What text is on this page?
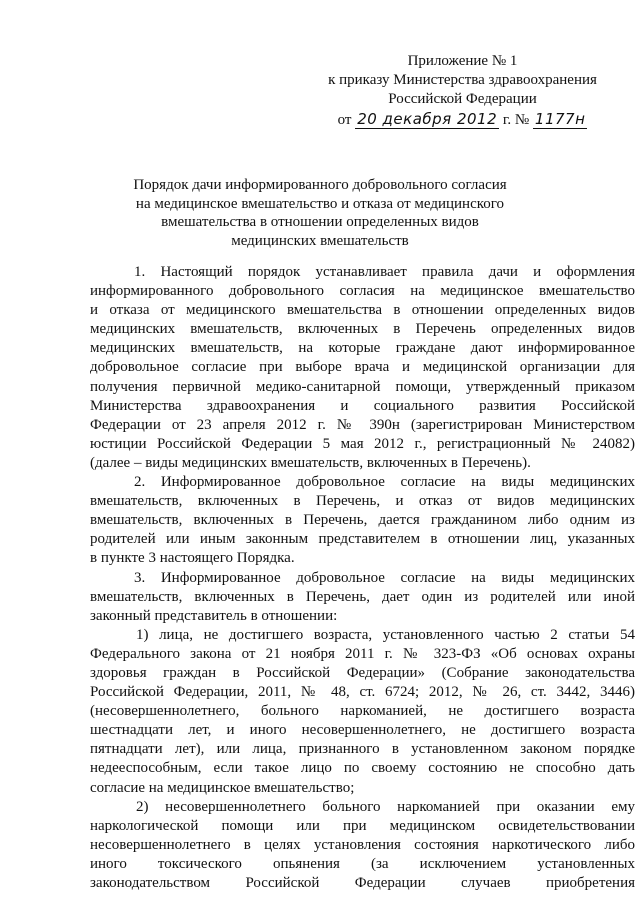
Приложение № 1
к приказу Министерства здравоохранения
Российской Федерации
от 20 декабря 2012 г. № 1177н
Порядок дачи информированного добровольного согласия
на медицинское вмешательство и отказа от медицинского
вмешательства в отношении определенных видов
медицинских вмешательств
1. Настоящий порядок устанавливает правила дачи и оформления
информированного добровольного согласия на медицинское вмешательство
и отказа от медицинского вмешательства в отношении определенных видов
медицинских вмешательств, включенных в Перечень определенных видов
медицинских вмешательств, на которые граждане дают информированное
добровольное согласие при выборе врача и медицинской организации для
получения первичной медико-санитарной помощи, утвержденный приказом
Министерства здравоохранения и социального развития Российской
Федерации от 23 апреля 2012 г. № 390н (зарегистрирован Министерством
юстиции Российской Федерации 5 мая 2012 г., регистрационный № 24082)
(далее – виды медицинских вмешательств, включенных в Перечень).
2. Информированное добровольное согласие на виды медицинских
вмешательств, включенных в Перечень, и отказ от видов медицинских
вмешательств, включенных в Перечень, дается гражданином либо одним из
родителей или иным законным представителем в отношении лиц, указанных
в пункте 3 настоящего Порядка.
3. Информированное добровольное согласие на виды медицинских
вмешательств, включенных в Перечень, дает один из родителей или иной
законный представитель в отношении:
1) лица, не достигшего возраста, установленного частью 2 статьи 54
Федерального закона от 21 ноября 2011 г. № 323-ФЗ «Об основах охраны
здоровья граждан в Российской Федерации» (Собрание законодательства
Российской Федерации, 2011, № 48, ст. 6724; 2012, № 26, ст. 3442, 3446)
(несовершеннолетнего, больного наркоманией, не достигшего возраста
шестнадцати лет, и иного несовершеннолетнего, не достигшего возраста
пятнадцати лет), или лица, признанного в установленном законом порядке
недееспособным, если такое лицо по своему состоянию не способно дать
согласие на медицинское вмешательство;
2) несовершеннолетнего больного наркоманией при оказании ему
наркологической помощи или при медицинском освидетельствовании
несовершеннолетнего в целях установления состояния наркотического либо
иного токсического опьянения (за исключением установленных
законодательством Российской Федерации случаев приобретения
